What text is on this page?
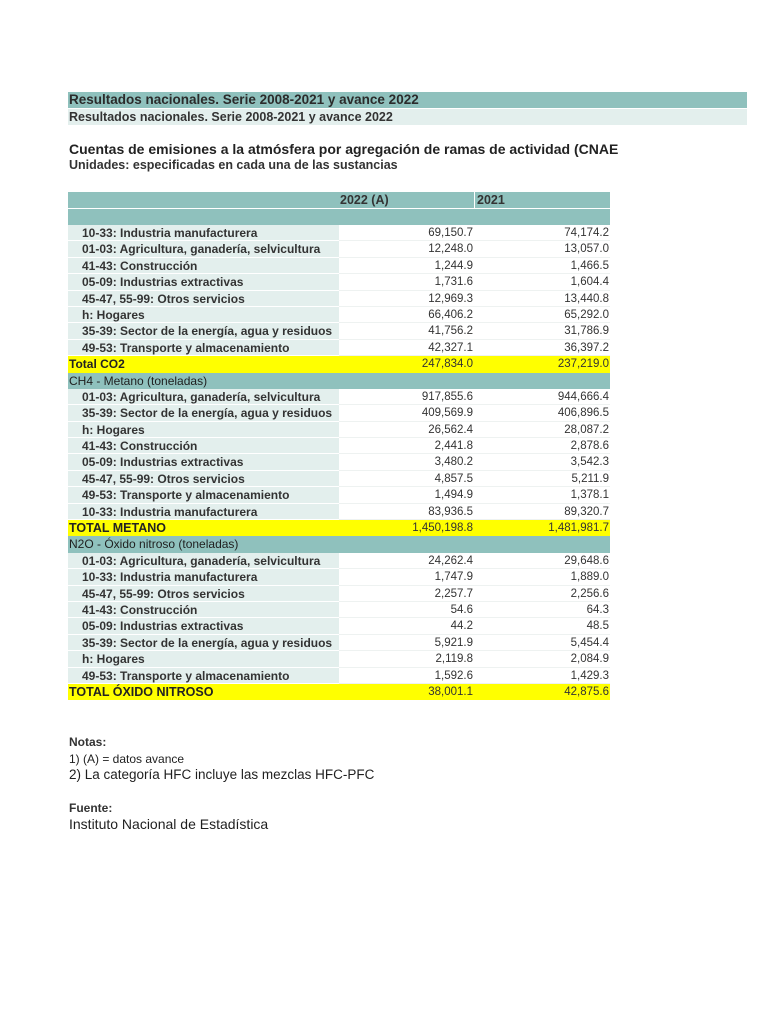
Resultados nacionales. Serie 2008-2021 y avance 2022
Resultados nacionales. Serie 2008-2021 y avance 2022
Cuentas de emisiones a la atmósfera por agregación de ramas de actividad (CNAE
Unidades: especificadas en cada una de las sustancias
2022 (A)	2021
10-33: Industria manufacturera	69,150.7	74,174.2
01-03: Agricultura, ganadería, selvicultura	12,248.0	13,057.0
41-43: Construcción	1,244.9	1,466.5
05-09: Industrias extractivas	1,731.6	1,604.4
45-47, 55-99: Otros servicios	12,969.3	13,440.8
h: Hogares	66,406.2	65,292.0
35-39: Sector de la energía, agua y residuos	41,756.2	31,786.9
49-53: Transporte y almacenamiento	42,327.1	36,397.2
Total CO2	247,834.0	237,219.0
CH4 - Metano (toneladas)
01-03: Agricultura, ganadería, selvicultura	917,855.6	944,666.4
35-39: Sector de la energía, agua y residuos	409,569.9	406,896.5
h: Hogares	26,562.4	28,087.2
41-43: Construcción	2,441.8	2,878.6
05-09: Industrias extractivas	3,480.2	3,542.3
45-47, 55-99: Otros servicios	4,857.5	5,211.9
49-53: Transporte y almacenamiento	1,494.9	1,378.1
10-33: Industria manufacturera	83,936.5	89,320.7
TOTAL METANO	1,450,198.8	1,481,981.7
N2O - Óxido nitroso (toneladas)
01-03: Agricultura, ganadería, selvicultura	24,262.4	29,648.6
10-33: Industria manufacturera	1,747.9	1,889.0
45-47, 55-99: Otros servicios	2,257.7	2,256.6
41-43: Construcción	54.6	64.3
05-09: Industrias extractivas	44.2	48.5
35-39: Sector de la energía, agua y residuos	5,921.9	5,454.4
h: Hogares	2,119.8	2,084.9
49-53: Transporte y almacenamiento	1,592.6	1,429.3
TOTAL ÓXIDO NITROSO	38,001.1	42,875.6
Notas:
1) (A) = datos avance
2) La categoría HFC incluye las mezclas HFC-PFC
Fuente:
Instituto Nacional de Estadística
